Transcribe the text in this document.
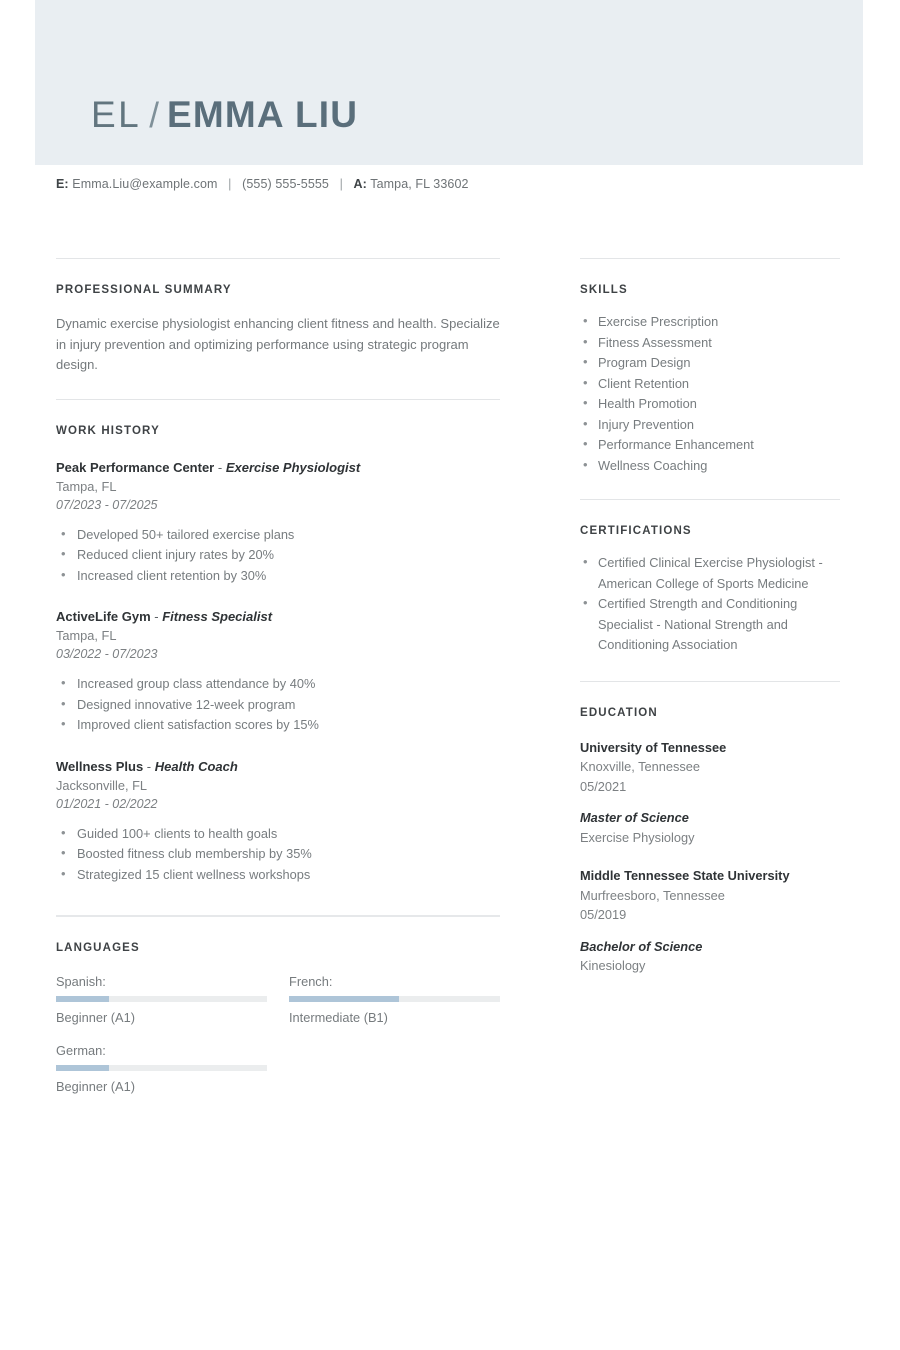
EL / EMMA LIU
E: Emma.Liu@example.com | (555) 555-5555 | A: Tampa, FL 33602
PROFESSIONAL SUMMARY
Dynamic exercise physiologist enhancing client fitness and health. Specialize in injury prevention and optimizing performance using strategic program design.
WORK HISTORY
Peak Performance Center - Exercise Physiologist
Tampa, FL
07/2023 - 07/2025
• Developed 50+ tailored exercise plans
• Reduced client injury rates by 20%
• Increased client retention by 30%
ActiveLife Gym - Fitness Specialist
Tampa, FL
03/2022 - 07/2023
• Increased group class attendance by 40%
• Designed innovative 12-week program
• Improved client satisfaction scores by 15%
Wellness Plus - Health Coach
Jacksonville, FL
01/2021 - 02/2022
• Guided 100+ clients to health goals
• Boosted fitness club membership by 35%
• Strategized 15 client wellness workshops
LANGUAGES
Spanish:
Beginner (A1)
French:
Intermediate (B1)
German:
Beginner (A1)
SKILLS
• Exercise Prescription
• Fitness Assessment
• Program Design
• Client Retention
• Health Promotion
• Injury Prevention
• Performance Enhancement
• Wellness Coaching
CERTIFICATIONS
• Certified Clinical Exercise Physiologist - American College of Sports Medicine
• Certified Strength and Conditioning Specialist - National Strength and Conditioning Association
EDUCATION
University of Tennessee
Knoxville, Tennessee
05/2021
Master of Science
Exercise Physiology
Middle Tennessee State University
Murfreesboro, Tennessee
05/2019
Bachelor of Science
Kinesiology
